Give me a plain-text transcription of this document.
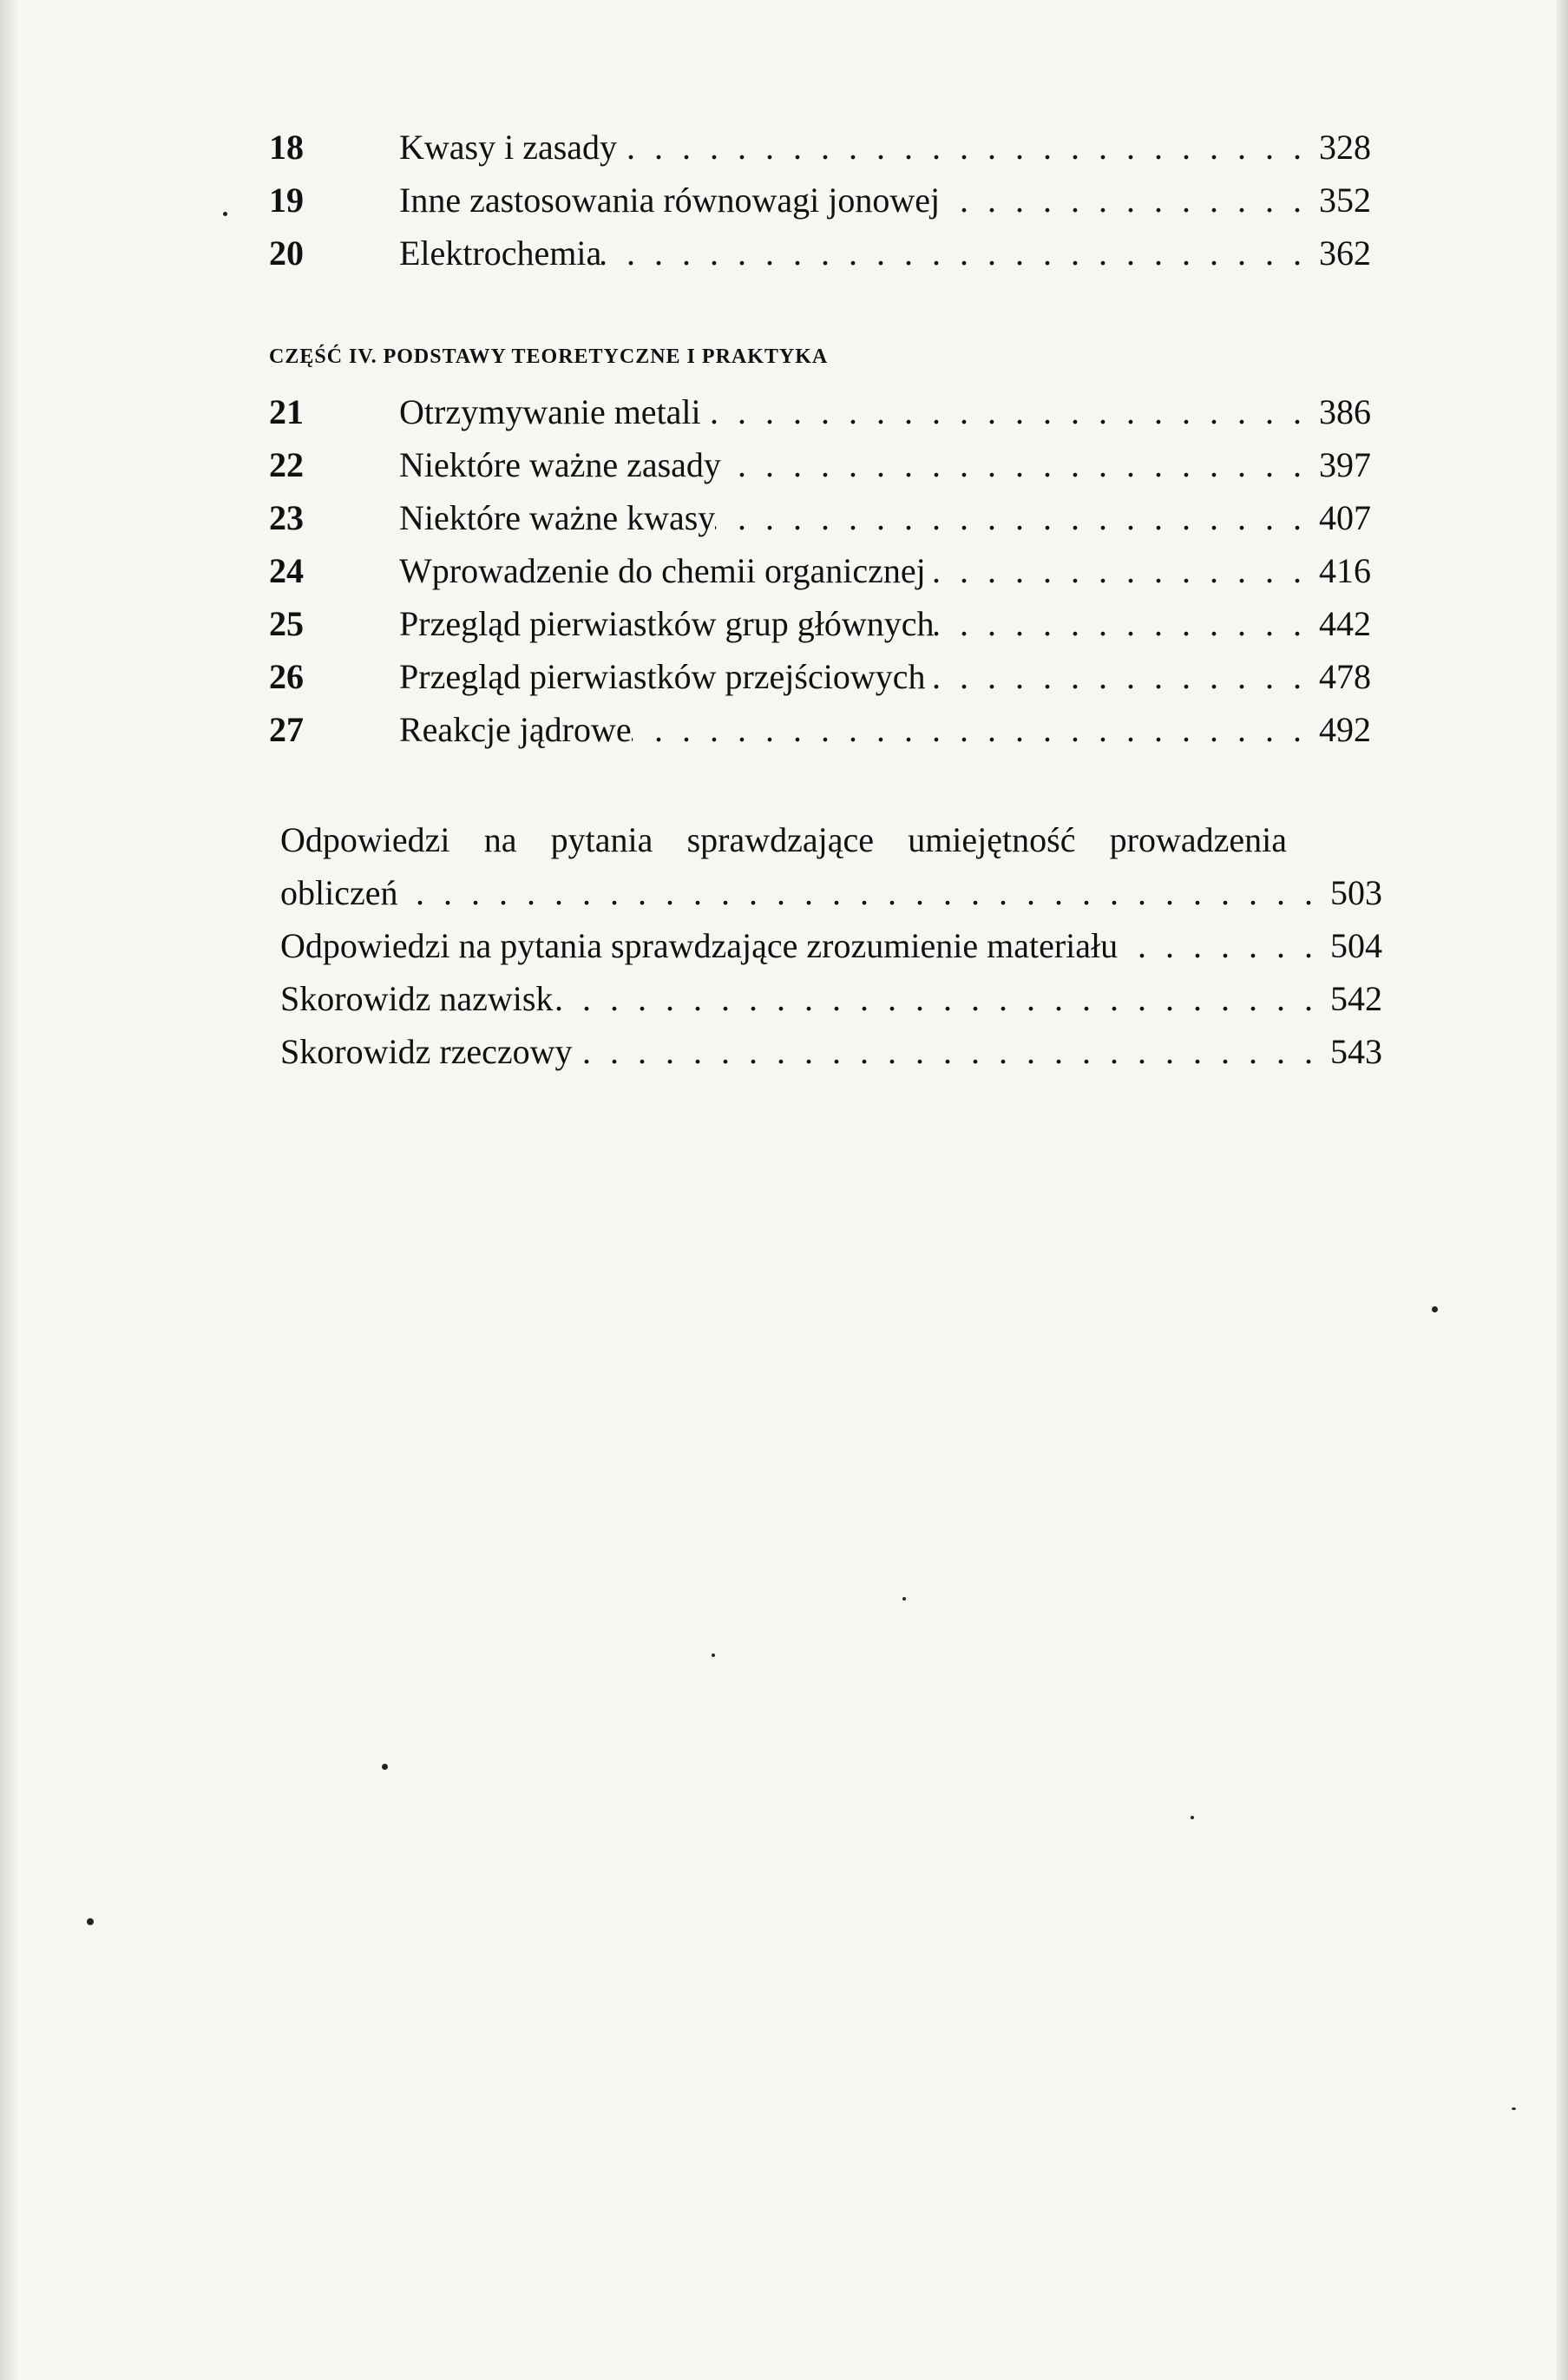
18	Kwasy i zasady . . .	328
19	Inne zastosowania równowagi jonowej . . .	352
20	Elektrochemia . . .	362
CZĘŚĆ IV. PODSTAWY TEORETYCZNE I PRAKTYKA
21	Otrzymywanie metali . . .	386
22	Niektóre ważne zasady . . .	397
23	Niektóre ważne kwasy . . .	407
24	Wprowadzenie do chemii organicznej . . .	416
25	Przegląd pierwiastków grup głównych . . .	442
26	Przegląd pierwiastków przejściowych . . .	478
27	Reakcje jądrowe . . .	492
Odpowiedzi na pytania sprawdzające umiejętność prowadzenia
obliczeń . . .	503
Odpowiedzi na pytania sprawdzające zrozumienie materiału . . .	504
Skorowidz nazwisk . . .	542
Skorowidz rzeczowy . . .	543
